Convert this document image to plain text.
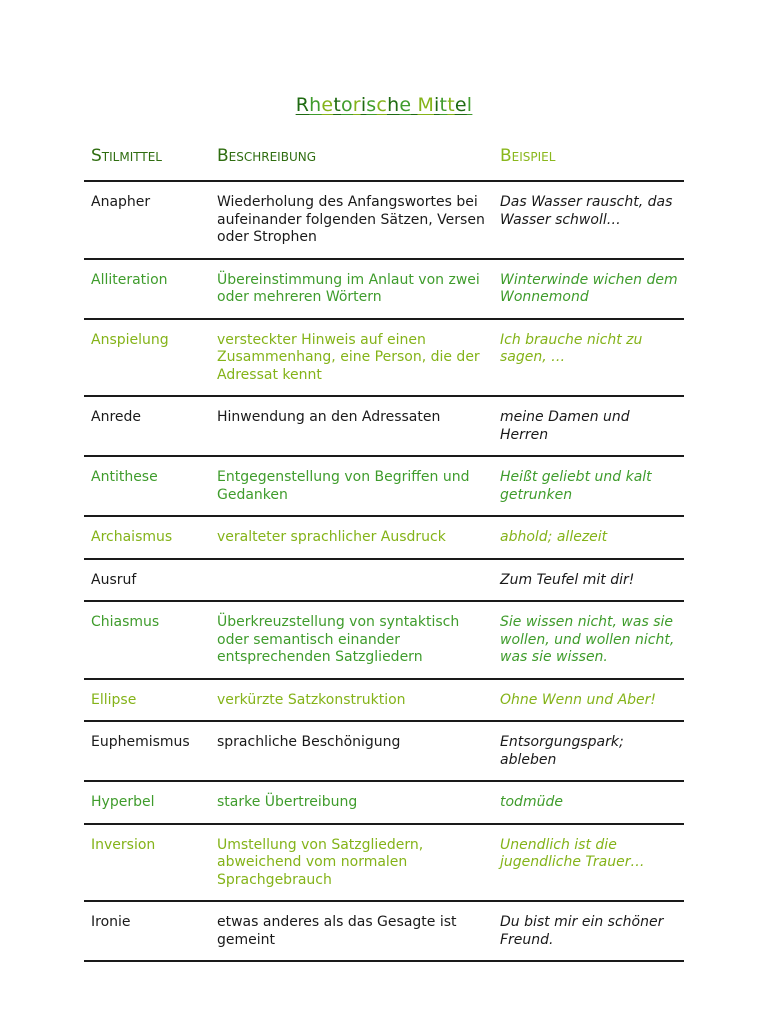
Rhetorische Mittel
Stilmittel	Beschreibung	Beispiel
Anapher	Wiederholung des Anfangswortes bei aufeinander folgenden Sätzen, Versen oder Strophen	Das Wasser rauscht, das Wasser schwoll…
Alliteration	Übereinstimmung im Anlaut von zwei oder mehreren Wörtern	Winterwinde wichen dem Wonnemond
Anspielung	versteckter Hinweis auf einen Zusammenhang, eine Person, die der Adressat kennt	Ich brauche nicht zu sagen, …
Anrede	Hinwendung an den Adressaten	meine Damen und Herren
Antithese	Entgegenstellung von Begriffen und Gedanken	Heißt geliebt und kalt getrunken
Archaismus	veralteter sprachlicher Ausdruck	abhold; allezeit
Ausruf		Zum Teufel mit dir!
Chiasmus	Überkreuzstellung von syntaktisch oder semantisch einander entsprechenden Satzgliedern	Sie wissen nicht, was sie wollen, und wollen nicht, was sie wissen.
Ellipse	verkürzte Satzkonstruktion	Ohne Wenn und Aber!
Euphemismus	sprachliche Beschönigung	Entsorgungspark; ableben
Hyperbel	starke Übertreibung	todmüde
Inversion	Umstellung von Satzgliedern, abweichend vom normalen Sprachgebrauch	Unendlich ist die jugendliche Trauer…
Ironie	etwas anderes als das Gesagte ist gemeint	Du bist mir ein schöner Freund.
